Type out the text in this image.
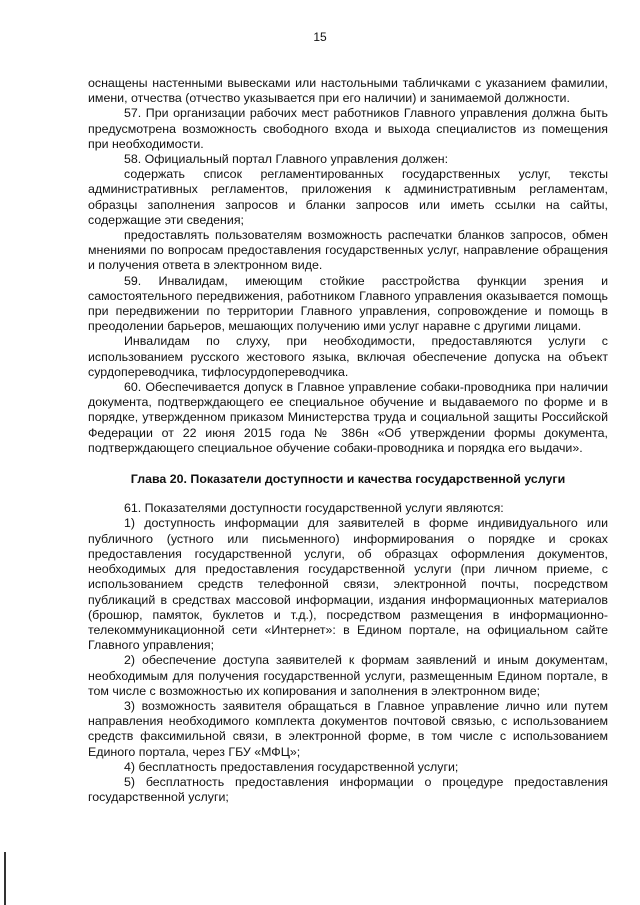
15

оснащены настенными вывесками или настольными табличками с указанием фамилии, имени, отчества (отчество указывается при его наличии) и занимаемой должности.

57. При организации рабочих мест работников Главного управления должна быть предусмотрена возможность свободного входа и выхода специалистов из помещения при необходимости.

58. Официальный портал Главного управления должен:

содержать список регламентированных государственных услуг, тексты административных регламентов, приложения к административным регламентам, образцы заполнения запросов и бланки запросов или иметь ссылки на сайты, содержащие эти сведения;

предоставлять пользователям возможность распечатки бланков запросов, обмен мнениями по вопросам предоставления государственных услуг, направление обращения и получения ответа в электронном виде.

59. Инвалидам, имеющим стойкие расстройства функции зрения и самостоятельного передвижения, работником Главного управления оказывается помощь при передвижении по территории Главного управления, сопровождение и помощь в преодолении барьеров, мешающих получению ими услуг наравне с другими лицами.

Инвалидам по слуху, при необходимости, предоставляются услуги с использованием русского жестового языка, включая обеспечение допуска на объект сурдопереводчика, тифлосурдопереводчика.

60. Обеспечивается допуск в Главное управление собаки-проводника при наличии документа, подтверждающего ее специальное обучение и выдаваемого по форме и в порядке, утвержденном приказом Министерства труда и социальной защиты Российской Федерации от 22 июня 2015 года № 386н «Об утверждении формы документа, подтверждающего специальное обучение собаки-проводника и порядка его выдачи».

Глава 20. Показатели доступности и качества государственной услуги

61. Показателями доступности государственной услуги являются:

1) доступность информации для заявителей в форме индивидуального или публичного (устного или письменного) информирования о порядке и сроках предоставления государственной услуги, об образцах оформления документов, необходимых для предоставления государственной услуги (при личном приеме, с использованием средств телефонной связи, электронной почты, посредством публикаций в средствах массовой информации, издания информационных материалов (брошюр, памяток, буклетов и т.д.), посредством размещения в информационно-телекоммуникационной сети «Интернет»: в Едином портале, на официальном сайте Главного управления;

2) обеспечение доступа заявителей к формам заявлений и иным документам, необходимым для получения государственной услуги, размещенным Едином портале, в том числе с возможностью их копирования и заполнения в электронном виде;

3) возможность заявителя обращаться в Главное управление лично или путем направления необходимого комплекта документов почтовой связью, с использованием средств факсимильной связи, в электронной форме, в том числе с использованием Единого портала, через ГБУ «МФЦ»;

4) бесплатность предоставления государственной услуги;

5) бесплатность предоставления информации о процедуре предоставления государственной услуги;
